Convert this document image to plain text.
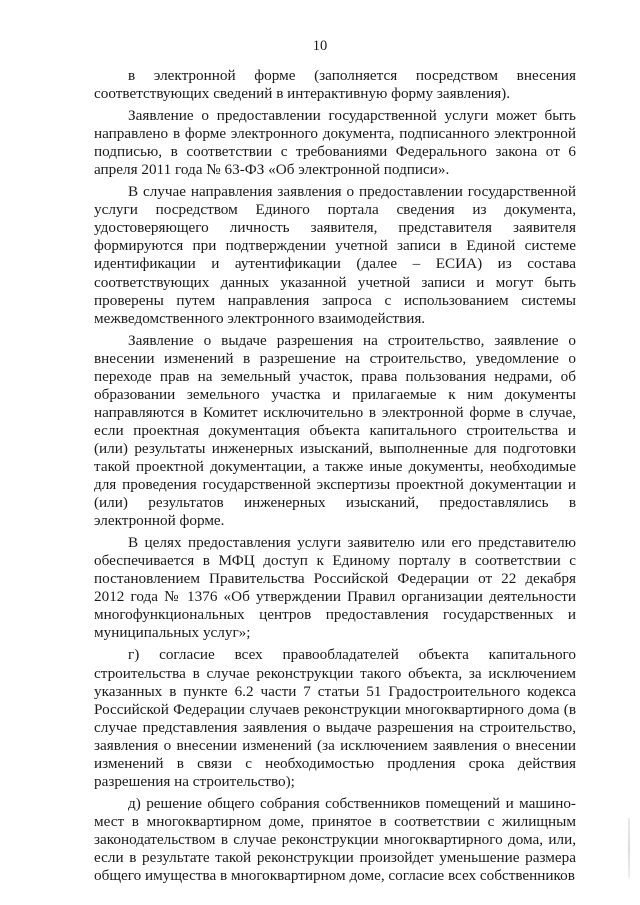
10

в электронной форме (заполняется посредством внесения соответствующих сведений в интерактивную форму заявления).

Заявление о предоставлении государственной услуги может быть направлено в форме электронного документа, подписанного электронной подписью, в соответствии с требованиями Федерального закона от 6 апреля 2011 года № 63-ФЗ «Об электронной подписи».

В случае направления заявления о предоставлении государственной услуги посредством Единого портала сведения из документа, удостоверяющего личность заявителя, представителя заявителя формируются при подтверждении учетной записи в Единой системе идентификации и аутентификации (далее – ЕСИА) из состава соответствующих данных указанной учетной записи и могут быть проверены путем направления запроса с использованием системы межведомственного электронного взаимодействия.

Заявление о выдаче разрешения на строительство, заявление о внесении изменений в разрешение на строительство, уведомление о переходе прав на земельный участок, права пользования недрами, об образовании земельного участка и прилагаемые к ним документы направляются в Комитет исключительно в электронной форме в случае, если проектная документация объекта капитального строительства и (или) результаты инженерных изысканий, выполненные для подготовки такой проектной документации, а также иные документы, необходимые для проведения государственной экспертизы проектной документации и (или) результатов инженерных изысканий, предоставлялись в электронной форме.

В целях предоставления услуги заявителю или его представителю обеспечивается в МФЦ доступ к Единому порталу в соответствии с постановлением Правительства Российской Федерации от 22 декабря 2012 года № 1376 «Об утверждении Правил организации деятельности многофункциональных центров предоставления государственных и муниципальных услуг»;

г) согласие всех правообладателей объекта капитального строительства в случае реконструкции такого объекта, за исключением указанных в пункте 6.2 части 7 статьи 51 Градостроительного кодекса Российской Федерации случаев реконструкции многоквартирного дома (в случае представления заявления о выдаче разрешения на строительство, заявления о внесении изменений (за исключением заявления о внесении изменений в связи с необходимостью продления срока действия разрешения на строительство);

д) решение общего собрания собственников помещений и машино-мест в многоквартирном доме, принятое в соответствии с жилищным законодательством в случае реконструкции многоквартирного дома, или, если в результате такой реконструкции произойдет уменьшение размера общего имущества в многоквартирном доме, согласие всех собственников
